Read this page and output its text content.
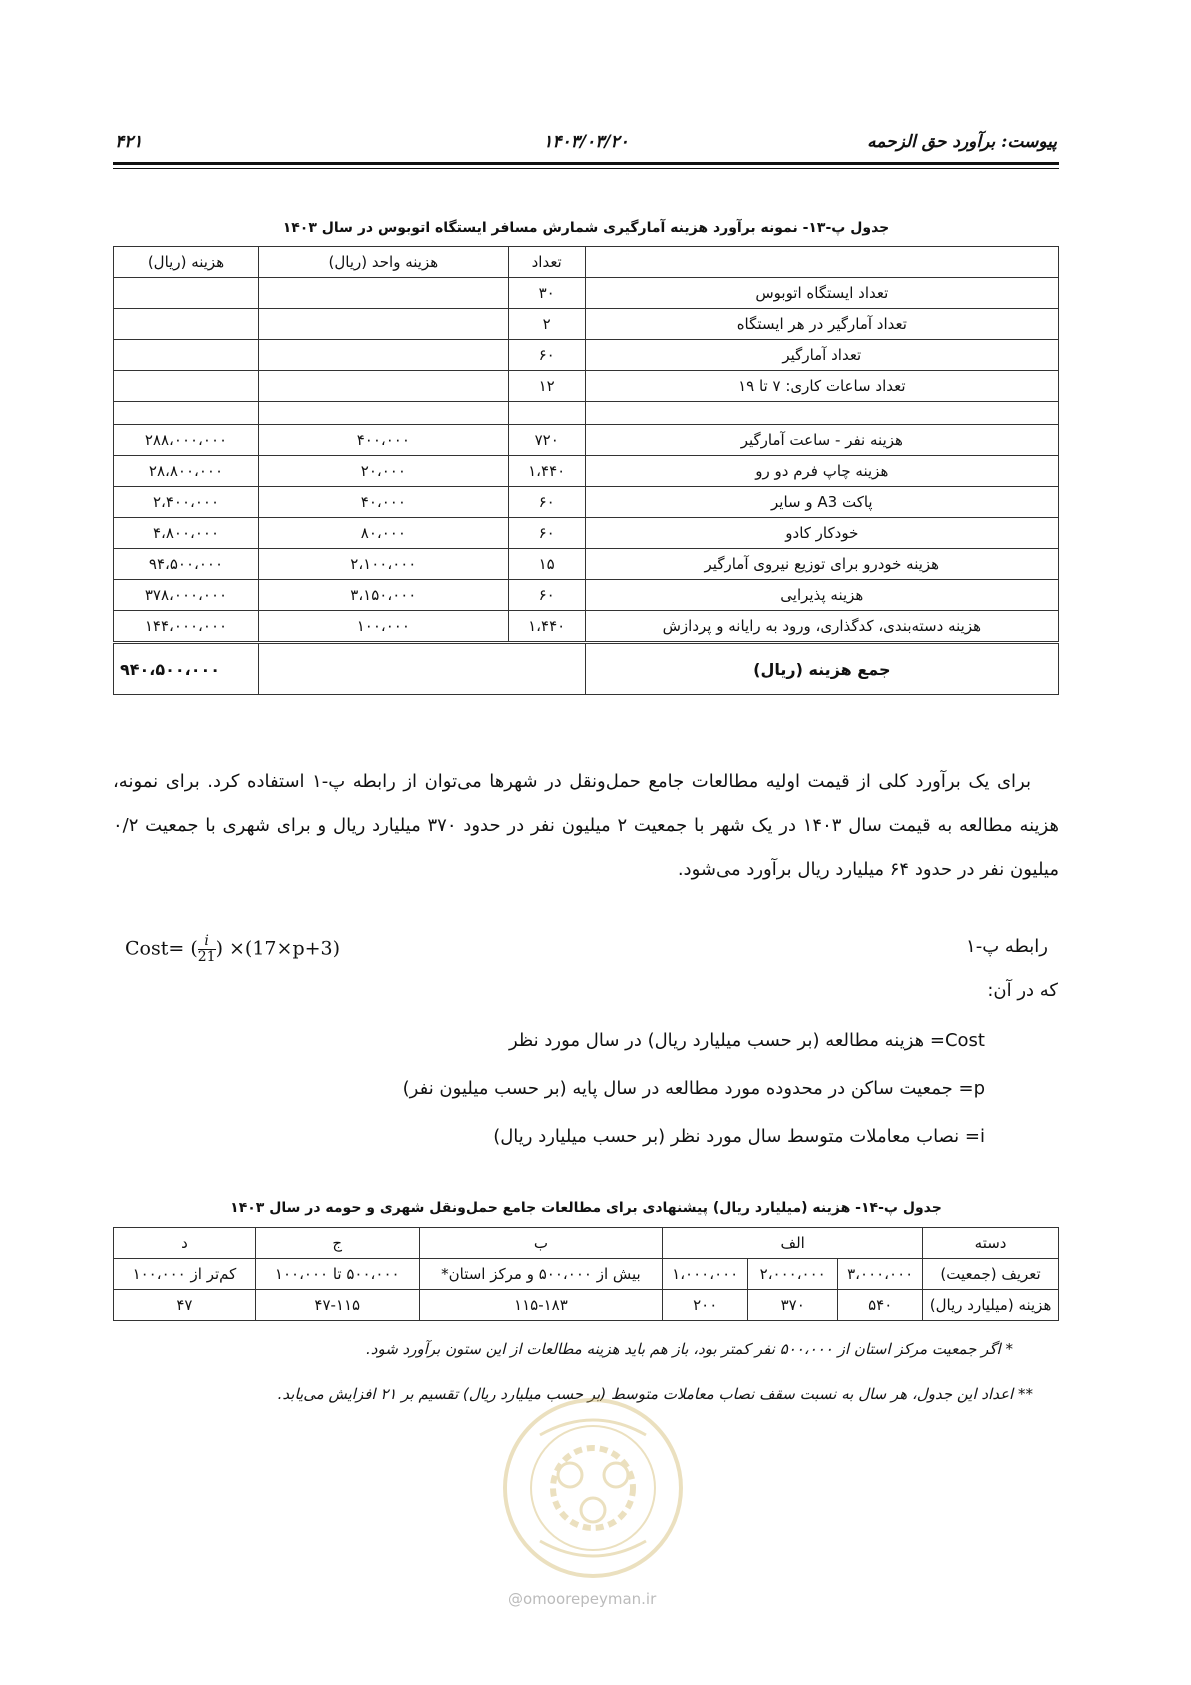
پیوست: برآورد حق الزحمه
۱۴۰۳/۰۳/۲۰
۴۲۱
جدول پ-۱۳- نمونه برآورد هزینه آمارگیری شمارش مسافر ایستگاه اتوبوس در سال ۱۴۰۳
	تعداد	هزینه واحد (ریال)	هزینه (ریال)
تعداد ایستگاه اتوبوس	۳۰		
تعداد آمارگیر در هر ایستگاه	۲		
تعداد آمارگیر	۶۰		
تعداد ساعات کاری: ۷ تا ۱۹	۱۲		

هزینه نفر - ساعت آمارگیر	۷۲۰	۴۰۰،۰۰۰	۲۸۸،۰۰۰،۰۰۰
هزینه چاپ فرم دو رو	۱،۴۴۰	۲۰،۰۰۰	۲۸،۸۰۰،۰۰۰
پاکت A3 و سایر	۶۰	۴۰،۰۰۰	۲،۴۰۰،۰۰۰
خودکار کادو	۶۰	۸۰،۰۰۰	۴،۸۰۰،۰۰۰
هزینه خودرو برای توزیع نیروی آمارگیر	۱۵	۲،۱۰۰،۰۰۰	۹۴،۵۰۰،۰۰۰
هزینه پذیرایی	۶۰	۳،۱۵۰،۰۰۰	۳۷۸،۰۰۰،۰۰۰
هزینه دسته‌بندی، کدگذاری، ورود به رایانه و پردازش	۱،۴۴۰	۱۰۰،۰۰۰	۱۴۴،۰۰۰،۰۰۰
جمع هزینه (ریال)			۹۴۰،۵۰۰،۰۰۰
برای یک برآورد کلی از قیمت اولیه مطالعات جامع حمل‌ونقل در شهرها می‌توان از رابطه پ-۱ استفاده کرد. برای نمونه، هزینه مطالعه به قیمت سال ۱۴۰۳ در یک شهر با جمعیت ۲ میلیون نفر در حدود ۳۷۰ میلیارد ریال و برای شهری با جمعیت ۰/۲ میلیون نفر در حدود ۶۴ میلیارد ریال برآورد می‌شود.
Cost= ( $\frac{i}{21}$ ) ×(17×p+3)	رابطه پ-۱
که در آن:
Cost= هزینه مطالعه (بر حسب میلیارد ریال) در سال مورد نظر
p= جمعیت ساکن در محدوده مورد مطالعه در سال پایه (بر حسب میلیون نفر)
i= نصاب معاملات متوسط سال مورد نظر (بر حسب میلیارد ریال)
جدول پ-۱۴- هزینه (میلیارد ریال) پیشنهادی برای مطالعات جامع حمل‌ونقل شهری و حومه در سال ۱۴۰۳
دسته	الف			ب	ج	د
تعریف (جمعیت)	۳،۰۰۰،۰۰۰	۲،۰۰۰،۰۰۰	۱،۰۰۰،۰۰۰	بیش از ۵۰۰،۰۰۰ و مرکز استان*	۵۰۰،۰۰۰ تا ۱۰۰،۰۰۰	کم‌تر از ۱۰۰،۰۰۰
هزینه (میلیارد ریال)	۵۴۰	۳۷۰	۲۰۰	۱۱۵-۱۸۳	۴۷-۱۱۵	۴۷
* اگر جمعیت مرکز استان از ۵۰۰،۰۰۰ نفر کمتر بود، باز هم باید هزینه مطالعات از این ستون برآورد شود.
** اعداد این جدول، هر سال به نسبت سقف نصاب معاملات متوسط (بر حسب میلیارد ریال) تقسیم بر ۲۱ افزایش می‌یابد.
@omoorepeyman.ir
